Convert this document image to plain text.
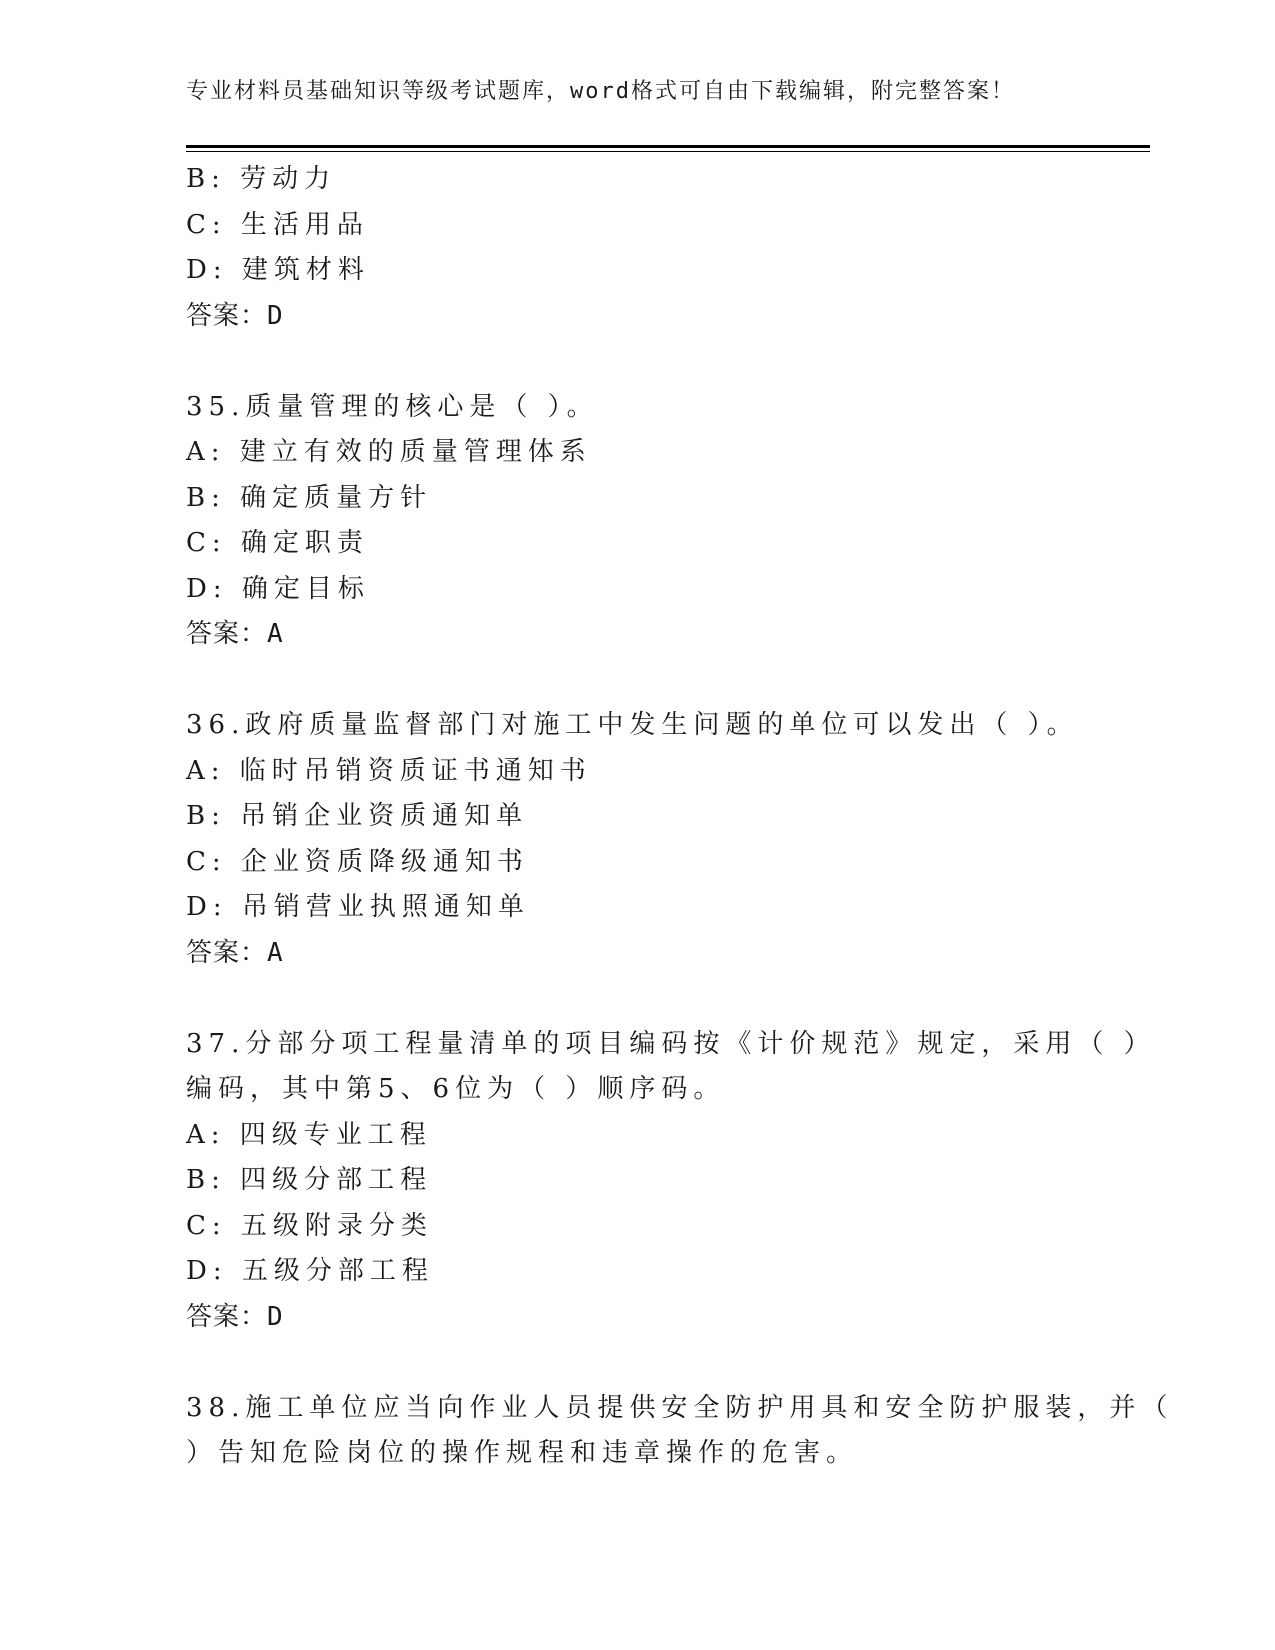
专业材料员基础知识等级考试题库，word格式可自由下载编辑，附完整答案！
B: 劳动力
C: 生活用品
D: 建筑材料
答案：D
35.质量管理的核心是（ ）。
A: 建立有效的质量管理体系
B: 确定质量方针
C: 确定职责
D: 确定目标
答案：A
36.政府质量监督部门对施工中发生问题的单位可以发出（ ）。
A: 临时吊销资质证书通知书
B: 吊销企业资质通知单
C: 企业资质降级通知书
D: 吊销营业执照通知单
答案：A
37.分部分项工程量清单的项目编码按《计价规范》规定，采用（ ）
编码，其中第5、6位为（ ）顺序码。
A: 四级专业工程
B: 四级分部工程
C: 五级附录分类
D: 五级分部工程
答案：D
38.施工单位应当向作业人员提供安全防护用具和安全防护服装，并（
）告知危险岗位的操作规程和违章操作的危害。
